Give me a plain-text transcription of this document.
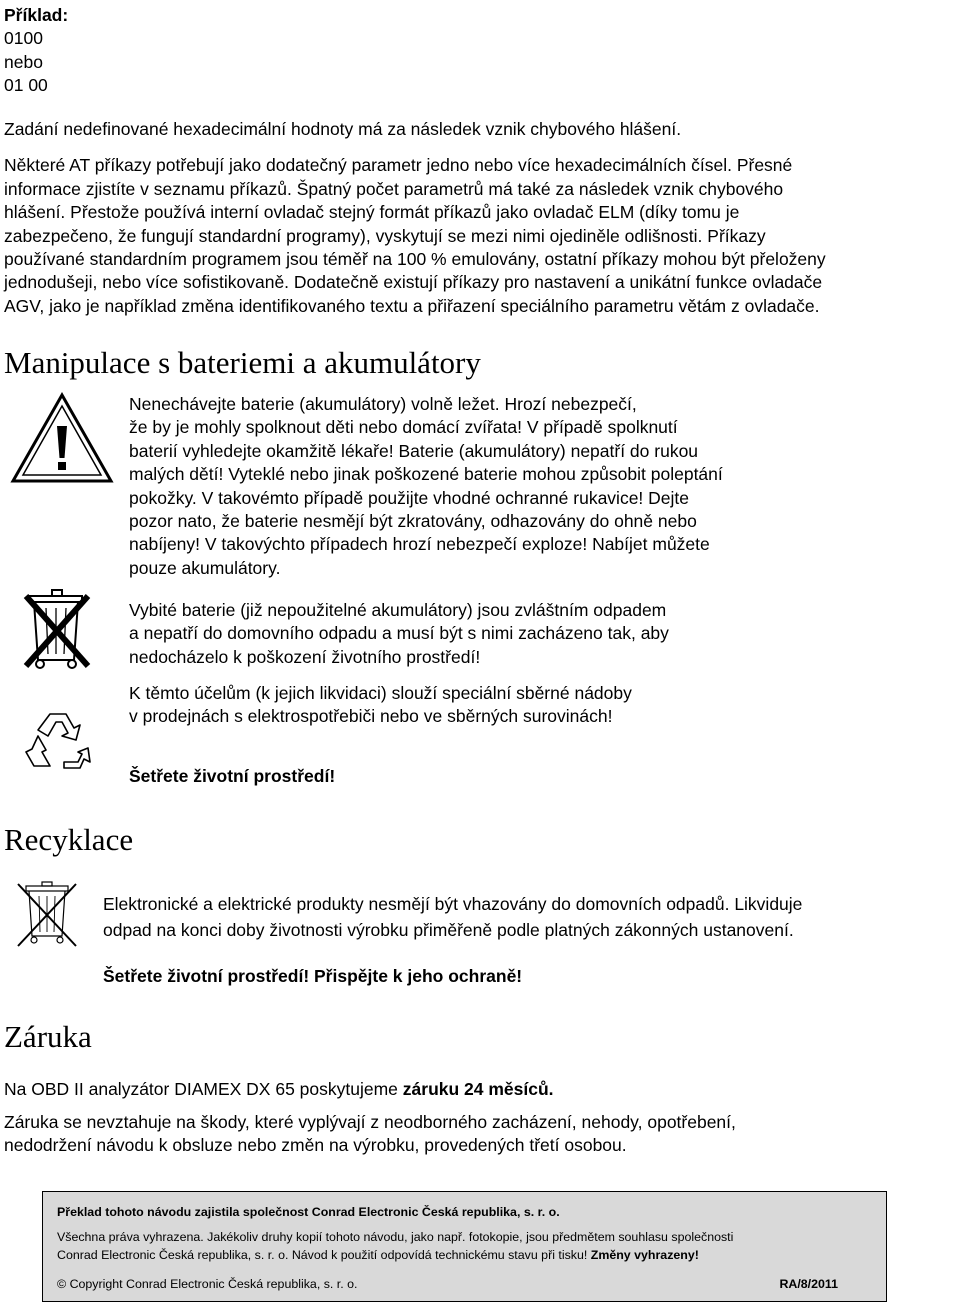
Příklad:
0100
nebo
01 00
Zadání nedefinované hexadecimální hodnoty má za následek vznik chybového hlášení.
Některé AT příkazy potřebují jako dodatečný parametr jedno nebo více hexadecimálních čísel. Přesné
informace zjistíte v seznamu příkazů. Špatný počet parametrů má také za následek vznik chybového
hlášení. Přestože používá interní ovladač stejný formát příkazů jako ovladač ELM (díky tomu je
zabezpečeno, že fungují standardní programy), vyskytují se mezi nimi ojediněle odlišnosti. Příkazy
používané standardním programem jsou téměř na 100 % emulovány, ostatní příkazy mohou být přeloženy
jednodušeji, nebo více sofistikovaně. Dodatečně existují příkazy pro nastavení a unikátní funkce ovladače
AGV, jako je například změna identifikovaného textu a přiřazení speciálního parametru větám z ovladače.
Manipulace s bateriemi a akumulátory
Nenechávejte baterie (akumulátory) volně ležet. Hrozí nebezpečí,
že by je mohly spolknout děti nebo domácí zvířata! V případě spolknutí
baterií vyhledejte okamžitě lékaře! Baterie (akumulátory) nepatří do rukou
malých dětí! Vyteklé nebo jinak poškozené baterie mohou způsobit poleptání
pokožky. V takovémto případě použijte vhodné ochranné rukavice! Dejte
pozor nato, že baterie nesmějí být zkratovány, odhazovány do ohně nebo
nabíjeny! V takovýchto případech hrozí nebezpečí exploze! Nabíjet můžete
pouze akumulátory.
Vybité baterie (již nepoužitelné akumulátory) jsou zvláštním odpadem
a nepatří do domovního odpadu a musí být s nimi zacházeno tak, aby
nedocházelo k poškození životního prostředí!
K těmto účelům (k jejich likvidaci) slouží speciální sběrné nádoby
v prodejnách s elektrospotřebiči nebo ve sběrných surovinách!
Šetřete životní prostředí!
Recyklace
Elektronické a elektrické produkty nesmějí být vhazovány do domovních odpadů. Likviduje
odpad na konci doby životnosti výrobku přiměřeně podle platných zákonných ustanovení.
Šetřete životní prostředí! Přispějte k jeho ochraně!
Záruka
Na OBD II analyzátor DIAMEX DX 65 poskytujeme záruku 24 měsíců.
Záruka se nevztahuje na škody, které vyplývají z neodborného zacházení, nehody, opotřebení,
nedodržení návodu k obsluze nebo změn na výrobku, provedených třetí osobou.
Překlad tohoto návodu zajistila společnost Conrad Electronic Česká republika, s. r. o.
Všechna práva vyhrazena. Jakékoliv druhy kopií tohoto návodu, jako např. fotokopie, jsou předmětem souhlasu společnosti
Conrad Electronic Česká republika, s. r. o. Návod k použití odpovídá technickému stavu při tisku! Změny vyhrazeny!
© Copyright Conrad Electronic Česká republika, s. r. o.	RA/8/2011
